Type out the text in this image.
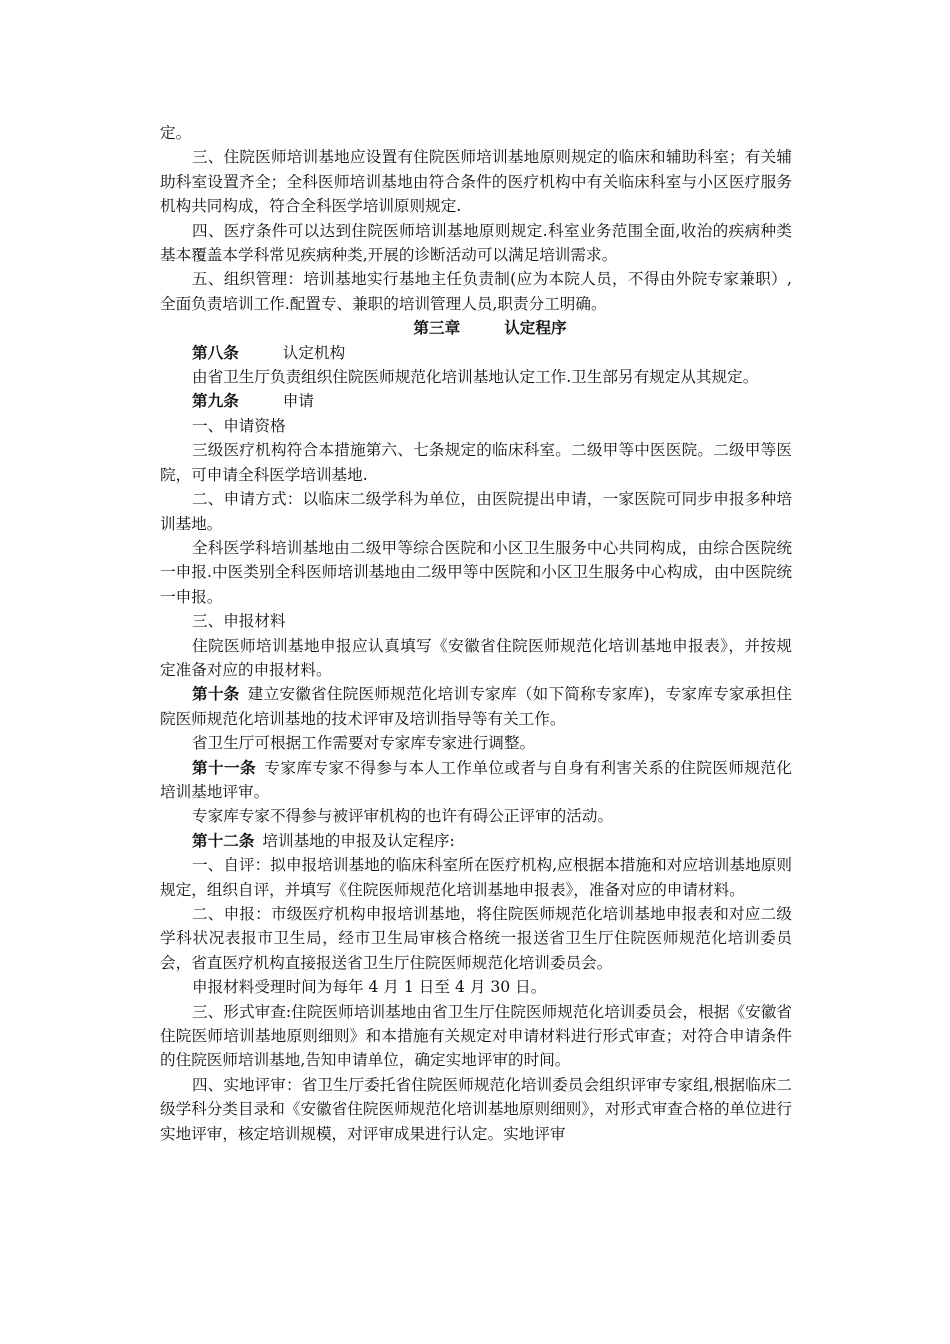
定。

三、住院医师培训基地应设置有住院医师培训基地原则规定的临床和辅助科室；有关辅助科室设置齐全；全科医师培训基地由符合条件的医疗机构中有关临床科室与小区医疗服务机构共同构成，符合全科医学培训原则规定.

四、医疗条件可以达到住院医师培训基地原则规定.科室业务范围全面,收治的疾病种类基本覆盖本学科常见疾病种类,开展的诊断活动可以满足培训需求。

五、组织管理：培训基地实行基地主任负责制(应为本院人员，不得由外院专家兼职）,全面负责培训工作.配置专、兼职的培训管理人员,职责分工明确。

第三章	认定程序

第八条	认定机构

由省卫生厅负责组织住院医师规范化培训基地认定工作.卫生部另有规定从其规定。

第九条	申请

一、申请资格

三级医疗机构符合本措施第六、七条规定的临床科室。二级甲等中医医院。二级甲等医院，可申请全科医学培训基地.

二、申请方式：以临床二级学科为单位，由医院提出申请，一家医院可同步申报多种培训基地。

全科医学科培训基地由二级甲等综合医院和小区卫生服务中心共同构成，由综合医院统一申报.中医类别全科医师培训基地由二级甲等中医院和小区卫生服务中心构成，由中医院统一申报。

三、申报材料

住院医师培训基地申报应认真填写《安徽省住院医师规范化培训基地申报表》，并按规定准备对应的申报材料。

第十条 建立安徽省住院医师规范化培训专家库（如下简称专家库)，专家库专家承担住院医师规范化培训基地的技术评审及培训指导等有关工作。

省卫生厅可根据工作需要对专家库专家进行调整。

第十一条 专家库专家不得参与本人工作单位或者与自身有利害关系的住院医师规范化培训基地评审。

专家库专家不得参与被评审机构的也许有碍公正评审的活动。

第十二条 培训基地的申报及认定程序:

一、自评：拟申报培训基地的临床科室所在医疗机构,应根据本措施和对应培训基地原则规定，组织自评，并填写《住院医师规范化培训基地申报表》，准备对应的申请材料。

二、申报：市级医疗机构申报培训基地，将住院医师规范化培训基地申报表和对应二级学科状况表报市卫生局，经市卫生局审核合格统一报送省卫生厅住院医师规范化培训委员会，省直医疗机构直接报送省卫生厅住院医师规范化培训委员会。

申报材料受理时间为每年 4 月 1 日至 4 月 30 日。

三、形式审查:住院医师培训基地由省卫生厅住院医师规范化培训委员会，根据《安徽省住院医师培训基地原则细则》和本措施有关规定对申请材料进行形式审查；对符合申请条件的住院医师培训基地,告知申请单位，确定实地评审的时间。

四、实地评审：省卫生厅委托省住院医师规范化培训委员会组织评审专家组,根据临床二级学科分类目录和《安徽省住院医师规范化培训基地原则细则》，对形式审查合格的单位进行实地评审，核定培训规模，对评审成果进行认定。实地评审
